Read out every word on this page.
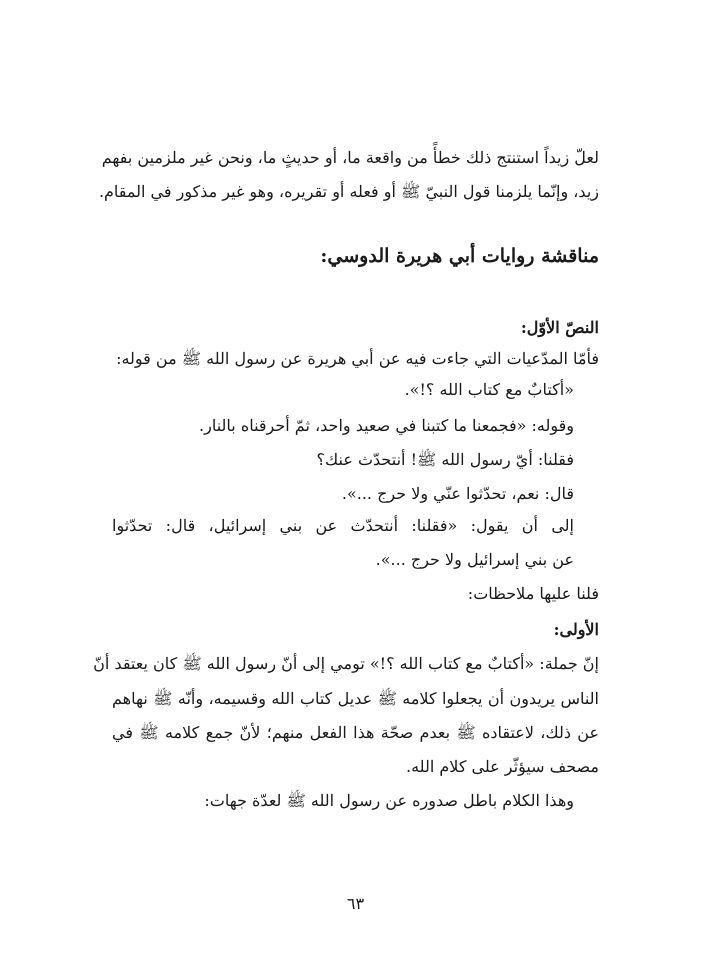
لعلّ زيداً استنتج ذلك خطأً من واقعة ما، أو حديثٍ ما، ونحن غير ملزمين بفهم
زيد، وإنّما يلزمنا قول النبيّ ﷺ أو فعله أو تقريره، وهو غير مذكور في المقام.
مناقشة روايات أبي هريرة الدوسي:
النصّ الأوّل:
فأمّا المدّعيات التي جاءت فيه عن أبي هريرة عن رسول الله ﷺ من قوله:
«أكتابٌ مع كتاب الله ؟!».
وقوله: «فجمعنا ما كتبنا في صعيد واحد، ثمّ أحرقناه بالنار.
فقلنا: أيّ رسول الله ﷺ! أنتحدّث عنك؟
قال: نعم، تحدّثوا عنّي ولا حرج ...».
إلى أن يقول: «فقلنا: أنتحدّث عن بني إسرائيل، قال: تحدّثوا
عن بني إسرائيل ولا حرج ...».
فلنا عليها ملاحظات:
الأولى:
إنّ جملة: «أكتابٌ مع كتاب الله ؟!» تومي إلى أنّ رسول الله ﷺ كان يعتقد أنّ
الناس يريدون أن يجعلوا كلامه ﷺ عديل كتاب الله وقسيمه، وأنّه ﷺ نهاهم
عن ذلك، لاعتقاده ﷺ بعدم صحّة هذا الفعل منهم؛ لأنّ جمع كلامه ﷺ في
مصحف سيؤثّر على كلام الله.
وهذا الكلام باطل صدوره عن رسول الله ﷺ لعدّة جهات:
٦٣
